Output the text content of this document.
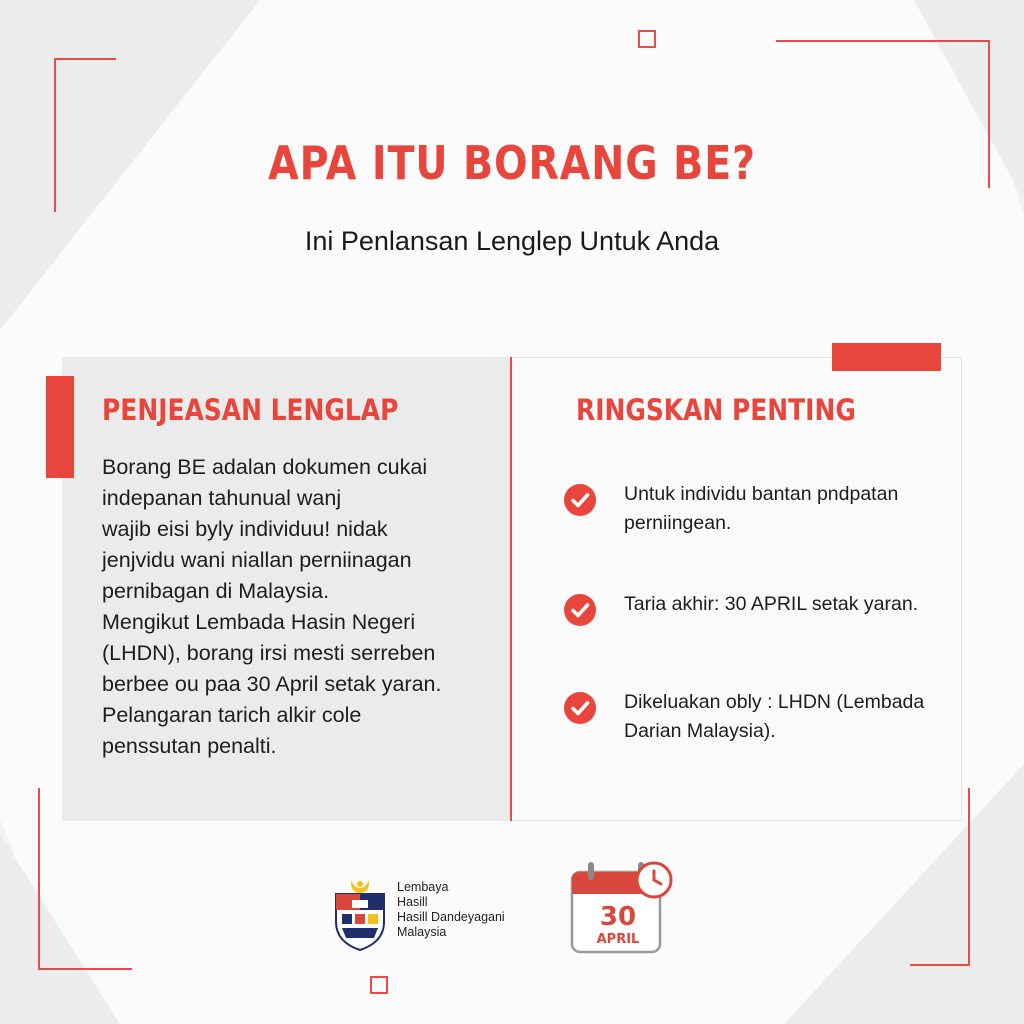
APA ITU BORANG BE?

Ini Penlansan Lenglep Untuk Anda

PENJEASAN LENGLAP	RINGSKAN PENTING
Borang BE adalan dokumen cukai
indepanan tahunual wanj
wajib eisi byly individuu! nidak
jenjvidu wani niallan perniinagan
pernibagan di Malaysia.
Mengikut Lembada Hasin Negeri
(LHDN), borang irsi mesti serreben
berbee ou paa 30 April setak yaran.
Pelangaran tarich alkir cole
penssutan penalti.
Untuk individu bantan pndpatan perniingean.
Taria akhir: 30 APRIL setak yaran.
Dikeluakan obly : LHDN (Lembada Darian Malaysia).
Lembaya
Hasill
Hasill Dandeyagani
Malaysia	30
APRIL
